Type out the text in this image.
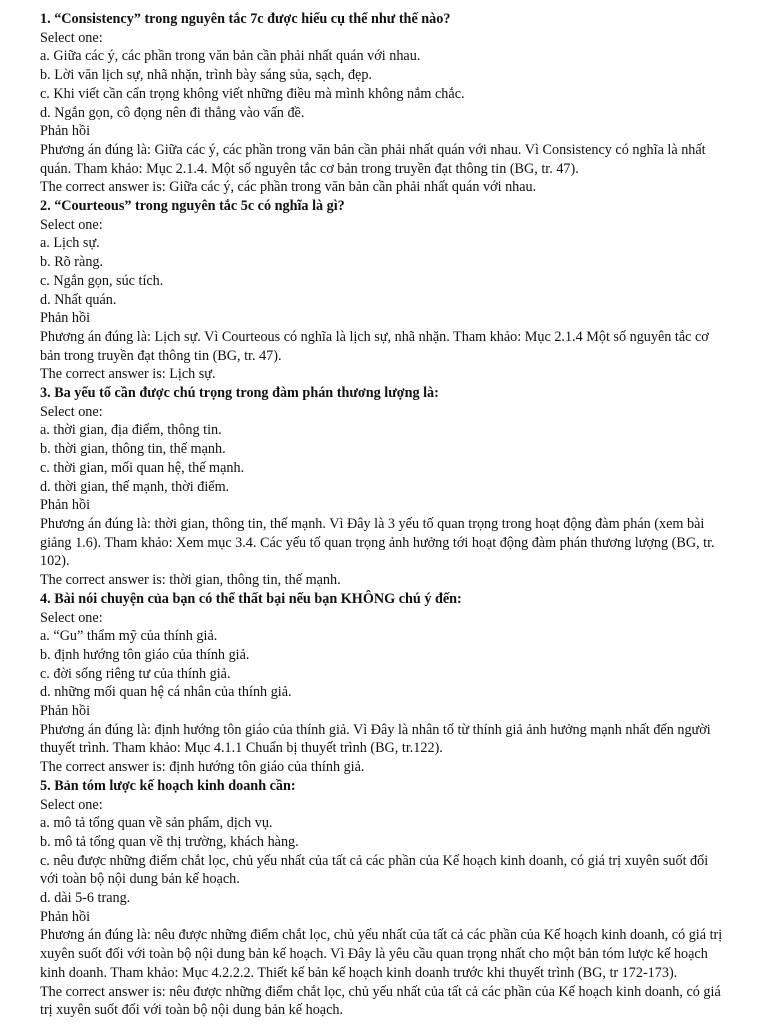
1. “Consistency” trong nguyên tắc 7c được hiểu cụ thể như thế nào?
Select one:
a. Giữa các ý, các phần trong văn bản cần phải nhất quán với nhau.
b. Lời văn lịch sự, nhã nhặn, trình bày sáng sủa, sạch, đẹp.
c. Khi viết cần cẩn trọng không viết những điều mà mình không nắm chắc.
d. Ngắn gọn, cô đọng nên đi thẳng vào vấn đề.
Phản hồi
Phương án đúng là: Giữa các ý, các phần trong văn bản cần phải nhất quán với nhau. Vì Consistency có nghĩa là nhất quán. Tham khảo: Mục 2.1.4. Một số nguyên tắc cơ bản trong truyền đạt thông tin (BG, tr. 47).
The correct answer is: Giữa các ý, các phần trong văn bản cần phải nhất quán với nhau.
2. “Courteous” trong nguyên tắc 5c có nghĩa là gì?
Select one:
a. Lịch sự.
b. Rõ ràng.
c. Ngắn gọn, súc tích.
d. Nhất quán.
Phản hồi
Phương án đúng là: Lịch sự. Vì Courteous có nghĩa là lịch sự, nhã nhặn. Tham khảo: Mục 2.1.4 Một số nguyên tắc cơ bản trong truyền đạt thông tin (BG, tr. 47).
The correct answer is: Lịch sự.
3. Ba yếu tố cần được chú trọng trong đàm phán thương lượng là:
Select one:
a. thời gian, địa điểm, thông tin.
b. thời gian, thông tin, thế mạnh.
c. thời gian, mối quan hệ, thế mạnh.
d. thời gian, thế mạnh, thời điểm.
Phản hồi
Phương án đúng là: thời gian, thông tin, thế mạnh. Vì Đây là 3 yếu tố quan trọng trong hoạt động đàm phán (xem bài giảng 1.6). Tham khảo: Xem mục 3.4. Các yếu tố quan trọng ảnh hưởng tới hoạt động đàm phán thương lượng (BG, tr. 102).
The correct answer is: thời gian, thông tin, thế mạnh.
4. Bài nói chuyện của bạn có thể thất bại nếu bạn KHÔNG chú ý đến:
Select one:
a. “Gu” thẩm mỹ của thính giả.
b. định hướng tôn giáo của thính giả.
c. đời sống riêng tư của thính giả.
d. những mối quan hệ cá nhân của thính giả.
Phản hồi
Phương án đúng là: định hướng tôn giáo của thính giả. Vì Đây là nhân tố từ thính giả ảnh hưởng mạnh nhất đến người thuyết trình. Tham khảo: Mục 4.1.1 Chuẩn bị thuyết trình (BG, tr.122).
The correct answer is: định hướng tôn giáo của thính giả.
5. Bản tóm lược kế hoạch kinh doanh cần:
Select one:
a. mô tả tổng quan về sản phẩm, dịch vụ.
b. mô tả tổng quan về thị trường, khách hàng.
c. nêu được những điểm chắt lọc, chủ yếu nhất của tất cả các phần của Kế hoạch kinh doanh, có giá trị xuyên suốt đối với toàn bộ nội dung bản kế hoạch.
d. dài 5-6 trang.
Phản hồi
Phương án đúng là: nêu được những điểm chắt lọc, chủ yếu nhất của tất cả các phần của Kế hoạch kinh doanh, có giá trị xuyên suốt đối với toàn bộ nội dung bản kế hoạch. Vì Đây là yêu cầu quan trọng nhất cho một bản tóm lược kế hoạch kinh doanh. Tham khảo: Mục 4.2.2.2. Thiết kế bản kế hoạch kinh doanh trước khi thuyết trình (BG, tr 172-173).
The correct answer is: nêu được những điểm chắt lọc, chủ yếu nhất của tất cả các phần của Kế hoạch kinh doanh, có giá trị xuyên suốt đối với toàn bộ nội dung bản kế hoạch.
